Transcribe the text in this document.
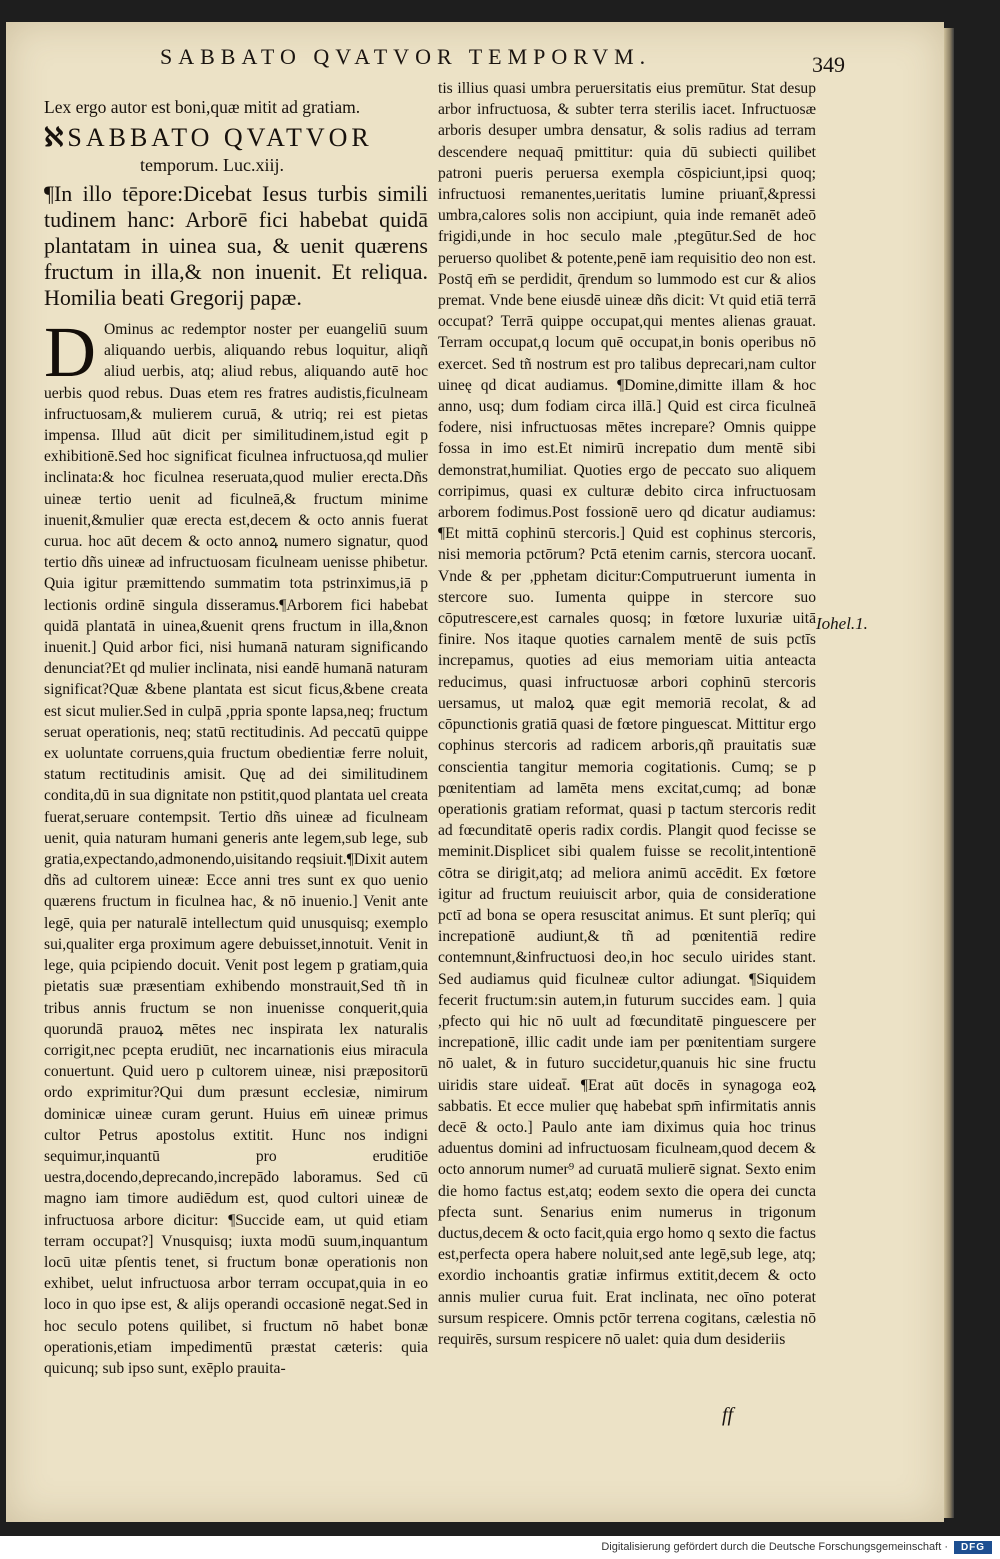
SABBATO QVATVOR TEMPORVM.	349

Lex ergo autor est boni,quæ mitit ad gratiam.

ℵ SABBATO QVATVOR

temporum. Luc.xiij.

¶In illo tēpore:Dicebat Iesus turbis simili tudinem hanc: Arborē fici habebat quidā plantatam in uinea sua, & uenit quærens fructum in illa,& non inuenit. Et reliqua. Homilia beati Gregorij papæ.

D Ominus ac redemptor noster per euangeliū suum aliquando uerbis, aliquando rebus loquitur, aliqñ aliud uerbis, atq; aliud rebus, aliquando autē hoc uerbis quod rebus. Duas etem res fratres audistis,ficulneam infructuosam,& mulierem curuā, & utriq; rei est pietas impensa. Illud aūt dicit per similitudinem,istud egit p exhibitionē.Sed hoc significat ficulnea infructuosa,qd mulier inclinata:& hoc ficulnea reseruata,quod mulier erecta.Dñs uineæ tertio uenit ad ficulneā,& fructum minime inuenit,&mulier quæ erecta est,decem & octo annis fuerat curua. hoc aūt decem & octo annoꝝ numero signatur, quod tertio dñs uineæ ad infructuosam ficulneam uenisse phibetur. Quia igitur præmittendo summatim tota pstrinximus,iā p lectionis ordinē singula disseramus.¶Arborem fici habebat quidā plantatā in uinea,&uenit qrens fructum in illa,&non inuenit.] Quid arbor fici, nisi humanā naturam significando denunciat?Et qd mulier inclinata, nisi eandē humanā naturam significat?Quæ &bene plantata est sicut ficus,&bene creata est sicut mulier.Sed in culpā ,ppria sponte lapsa,neq; fructum seruat operationis, neq; statū rectitudinis. Ad peccatū quippe ex uoluntate corruens,quia fructum obedientiæ ferre noluit, statum rectitudinis amisit. Quę ad dei similitudinem condita,dū in sua dignitate non pstitit,quod plantata uel creata fuerat,seruare contempsit. Tertio dñs uineæ ad ficulneam uenit, quia naturam humani generis ante legem,sub lege, sub gratia,expectando,admonendo,uisitando reqsiuit.¶Dixit autem dñs ad cultorem uineæ: Ecce anni tres sunt ex quo uenio quærens fructum in ficulnea hac, & nō inuenio.] Venit ante legē, quia per naturalē intellectum quid unusquisq; exemplo sui,qualiter erga proximum agere debuisset,innotuit. Venit in lege, quia pcipiendo docuit. Venit post legem p gratiam,quia pietatis suæ præsentiam exhibendo monstrauit,Sed tñ in tribus annis fructum se non inuenisse conquerit,quia quorundā prauoꝝ mētes nec inspirata lex naturalis corrigit,nec pcepta erudiūt, nec incarnationis eius miracula conuertunt. Quid uero p cultorem uineæ, nisi præpositorū ordo exprimitur?Qui dum præsunt ecclesiæ, nimirum dominicæ uineæ curam gerunt. Huius em̄ uineæ primus cultor Petrus apostolus extitit. Hunc nos indigni sequimur,inquantū pro eruditiōe uestra,docendo,deprecando,increpādo laboramus. Sed cū magno iam timore audiēdum est, quod cultori uineæ de infructuosa arbore dicitur: ¶Succide eam, ut quid etiam terram occupat?] Vnusquisq; iuxta modū suum,inquantum locū uitæ pſentis tenet, si fructum bonæ operationis non exhibet, uelut infructuosa arbor terram occupat,quia in eo loco in quo ipse est, & alijs operandi occasionē negat.Sed in hoc seculo potens quilibet, si fructum nō habet bonæ operationis,etiam impedimentū præstat cæteris: quia quicunq; sub ipso sunt, exēplo prauita-

tis illius quasi umbra peruersitatis eius premūtur. Stat desup arbor infructuosa, & subter terra sterilis iacet. Infructuosæ arboris desuper umbra densatur, & solis radius ad terram descendere nequaq̄ pmittitur: quia dū subiecti quilibet patroni pueris peruersa exempla cōspiciunt,ipsi quoq; infructuosi remanentes,ueritatis lumine priuant̄,&pressi umbra,calores solis non accipiunt, quia inde remanēt adeō frigidi,unde in hoc seculo male ,ptegūtur.Sed de hoc peruerso quolibet & potente,penē iam requisitio deo non est. Postq̄ em̄ se perdidit, q̄rendum so lummodo est cur & alios premat. Vnde bene eiusdē uineæ dñs dicit: Vt quid etiā terrā occupat? Terrā quippe occupat,qui mentes alienas grauat. Terram occupat,q locum quē occupat,in bonis operibus nō exercet. Sed tñ nostrum est pro talibus deprecari,nam cultor uineę qd dicat audiamus. ¶Domine,dimitte illam & hoc anno, usq; dum fodiam circa illā.] Quid est circa ficulneā fodere, nisi infructuosas mētes increpare? Omnis quippe fossa in imo est.Et nimirū increpatio dum mentē sibi demonstrat,humiliat. Quoties ergo de peccato suo aliquem corripimus, quasi ex culturæ debito circa infructuosam arborem fodimus.Post fossionē uero qd dicatur audiamus: ¶Et mittā cophinū stercoris.] Quid est cophinus stercoris, nisi memoria pctōrum? Pctā etenim carnis, stercora uocant̄. Vnde & per ,pphetam dicitur:Computruerunt iumenta in stercore suo. Iumenta quippe in stercore suo cōputrescere,est carnales quosq; in fœtore luxuriæ uitā finire. Nos itaque quoties carnalem mentē de suis pctīs increpamus, quoties ad eius memoriam uitia anteacta reducimus, quasi infructuosæ arbori cophinū stercoris uersamus, ut maloꝝ quæ egit memoriā recolat, & ad cōpunctionis gratiā quasi de fœtore pinguescat. Mittitur ergo cophinus stercoris ad radicem arboris,qñ prauitatis suæ conscientia tangitur memoria cogitationis. Cumq; se p pœnitentiam ad lamēta mens excitat,cumq; ad bonæ operationis gratiam reformat, quasi p tactum stercoris redit ad fœcunditatē operis radix cordis. Plangit quod fecisse se meminit.Displicet sibi qualem fuisse se recolit,intentionē cōtra se dirigit,atq; ad meliora animū accēdit. Ex fœtore igitur ad fructum reuiuiscit arbor, quia de consideratione pctī ad bona se opera resuscitat animus. Et sunt plerīq; qui increpationē audiunt,& tñ ad pœnitentiā redire contemnunt,&infructuosi deo,in hoc seculo uirides stant. Sed audiamus quid ficulneæ cultor adiungat. ¶Siquidem fecerit fructum:sin autem,in futurum succides eam. ] quia ,pfecto qui hic nō uult ad fœcunditatē pinguescere per increpationē, illic cadit unde iam per pœnitentiam surgere nō ualet, & in futuro succidetur,quanuis hic sine fructu uiridis stare uideat̄. ¶Erat aūt docēs in synagoga eoꝝ sabbatis. Et ecce mulier quę habebat spm̄ infirmitatis annis decē & octo.] Paulo ante iam diximus quia hoc trinus aduentus domini ad infructuosam ficulneam,quod decem & octo annorum numer⁹ ad curuatā mulierē signat. Sexto enim die homo factus est,atq; eodem sexto die opera dei cuncta pfecta sunt. Senarius enim numerus in trigonum ductus,decem & octo facit,quia ergo homo q sexto die factus est,perfecta opera habere noluit,sed ante legē,sub lege, atq; exordio inchoantis gratiæ infirmus extitit,decem & octo annis mulier curua fuit. Erat inclinata, nec oīno poterat sursum respicere. Omnis pctōr terrena cogitans, cælestia nō requirēs, sursum respicere nō ualet: quia dum desideriis

Iohel.1.
ff
Digitalisierung gefördert durch die Deutsche Forschungsgemeinschaft ·	DFG
